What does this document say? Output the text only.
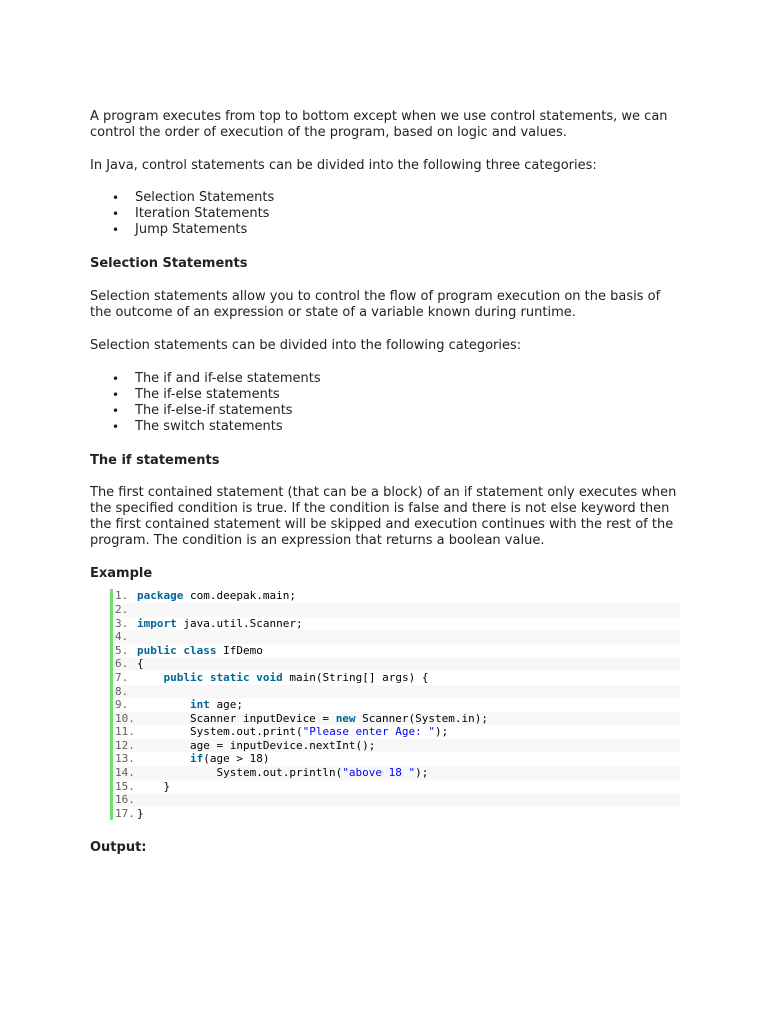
A program executes from top to bottom except when we use control statements, we can control the order of execution of the program, based on logic and values.

In Java, control statements can be divided into the following three categories:

• Selection Statements
• Iteration Statements
• Jump Statements

Selection Statements

Selection statements allow you to control the flow of program execution on the basis of the outcome of an expression or state of a variable known during runtime.

Selection statements can be divided into the following categories:

• The if and if-else statements
• The if-else statements
• The if-else-if statements
• The switch statements

The if statements

The first contained statement (that can be a block) of an if statement only executes when the specified condition is true. If the condition is false and there is not else keyword then the first contained statement will be skipped and execution continues with the rest of the program. The condition is an expression that returns a boolean value.

Example

1. package com.deepak.main;
2.
3. import java.util.Scanner;
4.
5. public class IfDemo
6. {
7.	public static void main(String[] args) {
8.
9.	int age;
10. Scanner inputDevice = new Scanner(System.in);
11. System.out.print("Please enter Age: ");
12. age = inputDevice.nextInt();
13.	if(age > 18)
14. System.out.println("above 18 ");
15. }
16.
17. }

Output:
